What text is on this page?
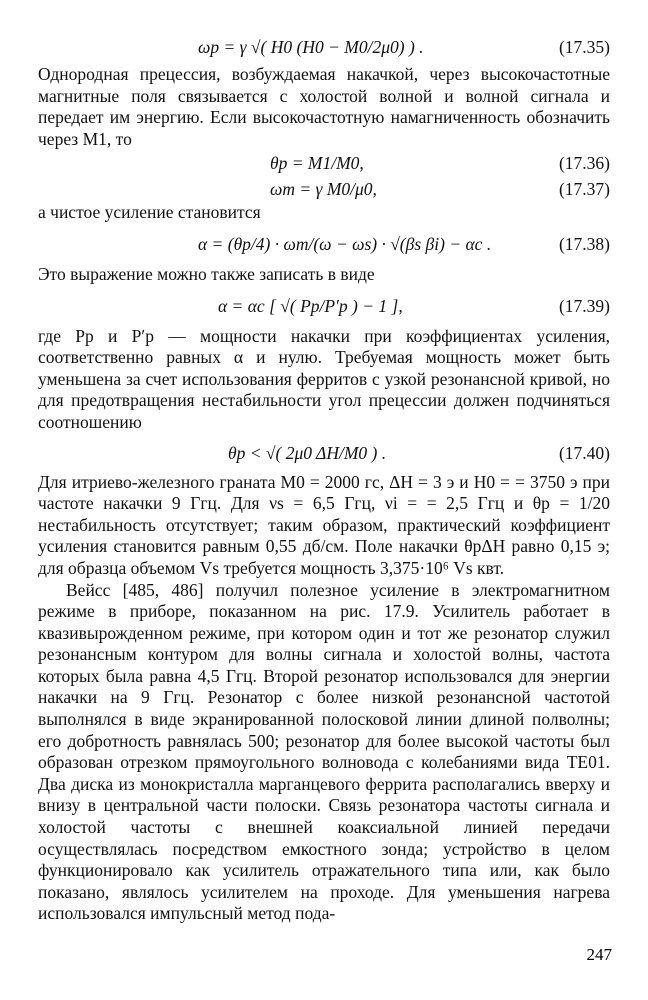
ωp = γ √( H0 (H0 − M0/2μ0) ) .	(17.35)

Однородная прецессия, возбуждаемая накачкой, через высокочастотные магнитные поля связывается с холостой волной и волной сигнала и передает им энергию. Если высокочастотную намагниченность обозначить через M1, то

θp = M1/M0,	(17.36)
ωm = γ M0/μ0,	(17.37)

а чистое усиление становится

α = (θp/4) · ωm/(ω − ωs) · √(βs βi) − αc .	(17.38)

Это выражение можно также записать в виде

α = αc [ √( Pp/P′p ) − 1 ],	(17.39)

где Pp и P′p — мощности накачки при коэффициентах усиления, соответственно равных α и нулю. Требуемая мощность может быть уменьшена за счет использования ферритов с узкой резонансной кривой, но для предотвращения нестабильности угол прецессии должен подчиняться соотношению

θp < √( 2μ0 ΔH/M0 ) .	(17.40)

Для итриево-железного граната M0 = 2000 гс, ΔH = 3 э и H0 = = 3750 э при частоте накачки 9 Ггц. Для νs = 6,5 Ггц, νi = = 2,5 Ггц и θp = 1/20 нестабильность отсутствует; таким образом, практический коэффициент усиления становится равным 0,55 дб/см. Поле накачки θpΔH равно 0,15 э; для образца объемом Vs требуется мощность 3,375·10⁶ Vs квт.

Вейсс [485, 486] получил полезное усиление в электромагнитном режиме в приборе, показанном на рис. 17.9. Усилитель работает в квазивырожденном режиме, при котором один и тот же резонатор служил резонансным контуром для волны сигнала и холостой волны, частота которых была равна 4,5 Ггц. Второй резонатор использовался для энергии накачки на 9 Ггц. Резонатор с более низкой резонансной частотой выполнялся в виде экранированной полосковой линии длиной полволны; его добротность равнялась 500; резонатор для более высокой частоты был образован отрезком прямоугольного волновода с колебаниями вида TE01. Два диска из монокристалла марганцевого феррита располагались вверху и внизу в центральной части полоски. Связь резонатора частоты сигнала и холостой частоты с внешней коаксиальной линией передачи осуществлялась посредством емкостного зонда; устройство в целом функционировало как усилитель отражательного типа или, как было показано, являлось усилителем на проходе. Для уменьшения нагрева использовался импульсный метод пода-

247
